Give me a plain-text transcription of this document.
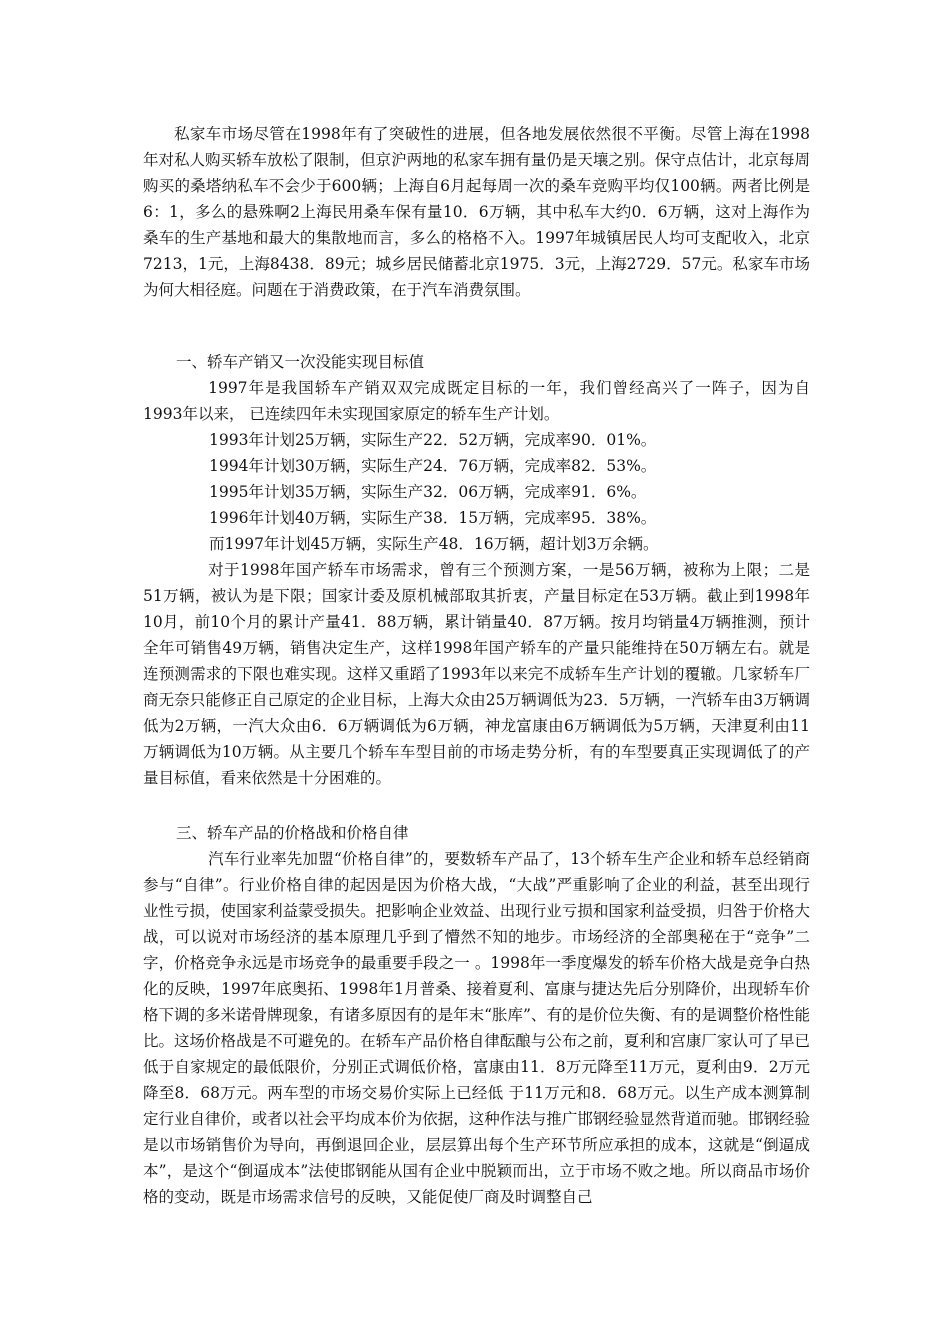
私家车市场尽管在1998年有了突破性的进展，但各地发展依然很不平衡。尽管上海在1998年对私人购买轿车放松了限制，但京沪两地的私家车拥有量仍是天壤之别。保守点估计，北京每周购买的桑塔纳私车不会少于600辆；上海自6月起每周一次的桑车竞购平均仅100辆。两者比例是6：1，多么的悬殊啊2上海民用桑车保有量10．6万辆，其中私车大约0．6万辆，这对上海作为桑车的生产基地和最大的集散地而言，多么的格格不入。1997年城镇居民人均可支配收入，北京7213，1元，上海8438．89元；城乡居民储蓄北京1975．3元，上海2729．57元。私家车市场为何大相径庭。问题在于消费政策，在于汽车消费氛围。

一、轿车产销又一次没能实现目标值

1997年是我国轿车产销双双完成既定目标的一年，我们曾经高兴了一阵子，因为自1993年以来， 已连续四年未实现国家原定的轿车生产计划。

1993年计划25万辆，实际生产22．52万辆，完成率90．01%。

1994年计划30万辆，实际生产24．76万辆，完成率82．53%。

1995年计划35万辆，实际生产32．06万辆，完成率91．6%。

1996年计划40万辆，实际生产38．15万辆，完成率95．38%。

而1997年计划45万辆，实际生产48．16万辆，超计划3万余辆。

对于1998年国产轿车市场需求，曾有三个预测方案，一是56万辆，被称为上限；二是51万辆，被认为是下限；国家计委及原机械部取其折衷，产量目标定在53万辆。截止到1998年10月，前10个月的累计产量41．88万辆，累计销量40．87万辆。按月均销量4万辆推测，预计全年可销售49万辆，销售决定生产，这样1998年国产轿车的产量只能维持在50万辆左右。就是连预测需求的下限也难实现。这样又重蹈了1993年以来完不成轿车生产计划的覆辙。几家轿车厂商无奈只能修正自己原定的企业目标，上海大众由25万辆调低为23．5万辆，一汽轿车由3万辆调低为2万辆，一汽大众由6．6万辆调低为6万辆，神龙富康由6万辆调低为5万辆，天津夏利由11万辆调低为10万辆。从主要几个轿车车型目前的市场走势分析，有的车型要真正实现调低了的产量目标值，看来依然是十分困难的。

三、轿车产品的价格战和价格自律

汽车行业率先加盟“价格自律”的，要数轿车产品了，13个轿车生产企业和轿车总经销商参与“自律”。行业价格自律的起因是因为价格大战，“大战”严重影响了企业的利益，甚至出现行业性亏损，使国家利益蒙受损失。把影响企业效益、出现行业亏损和国家利益受损，归咎于价格大战，可以说对市场经济的基本原理几乎到了懵然不知的地步。市场经济的全部奥秘在于“竞争”二字，价格竞争永远是市场竞争的最重要手段之一 。1998年一季度爆发的轿车价格大战是竞争白热化的反映，1997年底奥拓、1998年1月普桑、接着夏利、富康与捷达先后分别降价，出现轿车价格下调的多米诺骨牌现象，有诸多原因有的是年末“胀库”、有的是价位失衡、有的是调整价格性能比。这场价格战是不可避免的。在轿车产品价格自律酝酿与公布之前，夏利和宫康厂家认可了早已低于自家规定的最低限价，分别正式调低价格，富康由11．8万元降至11万元，夏利由9．2万元降至8．68万元。两车型的市场交易价实际上已经低 于11万元和8．68万元。以生产成本测算制定行业自律价，或者以社会平均成本价为依据，这种作法与推广邯钢经验显然背道而驰。邯钢经验是以市场销售价为导向，再倒退回企业，层层算出每个生产环节所应承担的成本，这就是“倒逼成本”，是这个“倒逼成本”法使邯钢能从国有企业中脱颖而出，立于市场不败之地。所以商品市场价格的变动，既是市场需求信号的反映，又能促使厂商及时调整自己
